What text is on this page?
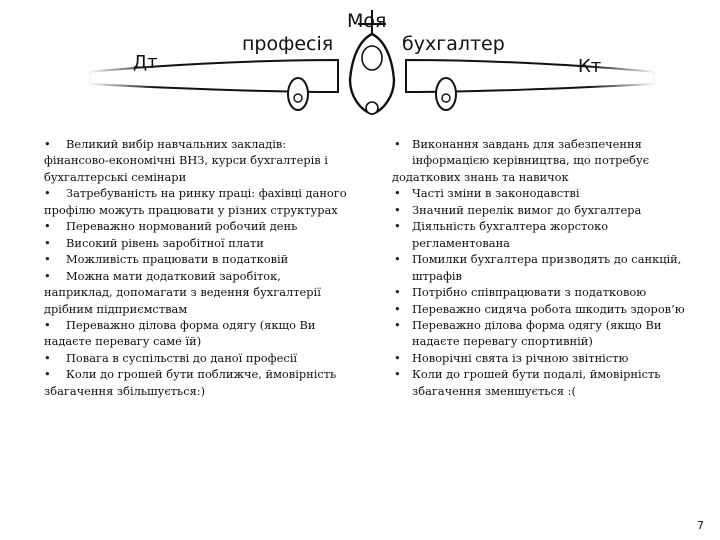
Моя
професія	бухгалтер
Дт	Кт

• Великий вибір навчальних закладів: фінансово-економічні ВНЗ, курси бухгалтерів і бухгалтерські семінари

• Затребуваність на ринку праці: фахівці даного профілю можуть працювати у різних структурах

• Переважно нормований робочий день

• Високий рівень заробітної плати

• Можливість працювати в податковій

• Можна мати додатковий заробіток, наприклад, допомагати з ведення бухгалтерії дрібним підприємствам

• Переважно ділова форма одягу (якщо Ви надаєте перевагу саме їй)

• Повага в суспільстві до даної професії

• Коли до грошей бути поближче, ймовірність збагачення збільшується:)

• Виконання завдань для забезпечення інформацією керівництва, що потребує
додаткових знань та навичок

• Часті зміни в законодавстві

• Значний перелік вимог до бухгалтера

• Діяльність бухгалтера жорстоко регламентована

• Помилки бухгалтера призводять до санкцій, штрафів

• Потрібно співпрацювати з податковою

• Переважно сидяча робота шкодить здоров’ю

• Переважно ділова форма одягу (якщо Ви надаєте перевагу спортивній)

• Новорічні свята із річною звітністю

• Коли до грошей бути подалі, ймовірність збагачення зменшується :(

7
